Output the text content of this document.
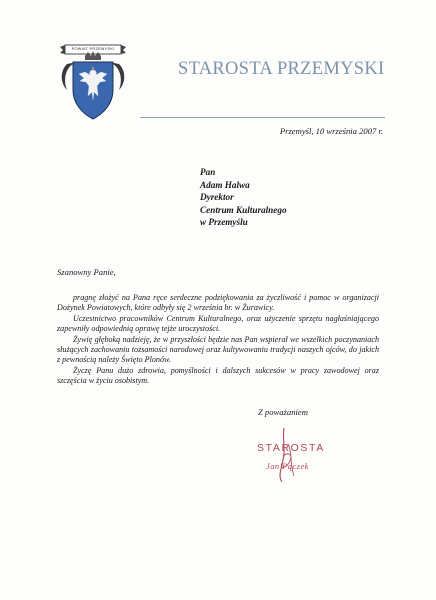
POWIAT PRZEMYSKI
STAROSTA PRZEMYSKI
Przemyśl, 10 września 2007 r.
Pan
Adam Halwa
Dyrektor
Centrum Kulturalnego
w Przemyślu
Szanowny Panie,

pragnę złożyć na Pana ręce serdeczne podziękowania za życzliwość i pomoc w organizacji Dożynek Powiatowych, które odbyły się 2 września br. w Żurawicy.

Uczestnictwo pracowników Centrum Kulturalnego, oraz użyczenie sprzętu nagłaśniającego zapewniły odpowiednią oprawę tejże uroczystości.

Żywię głęboką nadzieję, że w przyszłości będzie nas Pan wspierał we wszelkich poczynaniach służących zachowaniu tożsamości narodowej oraz kultywowaniu tradycji naszych ojców, do jakich z pewnością należy Święto Plonów.

Życzę Panu dużo zdrowia, pomyślności i dalszych sukcesów w pracy zawodowej oraz szczęścia w życiu osobistym.

Z poważaniem
STAROSTA
Jan Pączek
